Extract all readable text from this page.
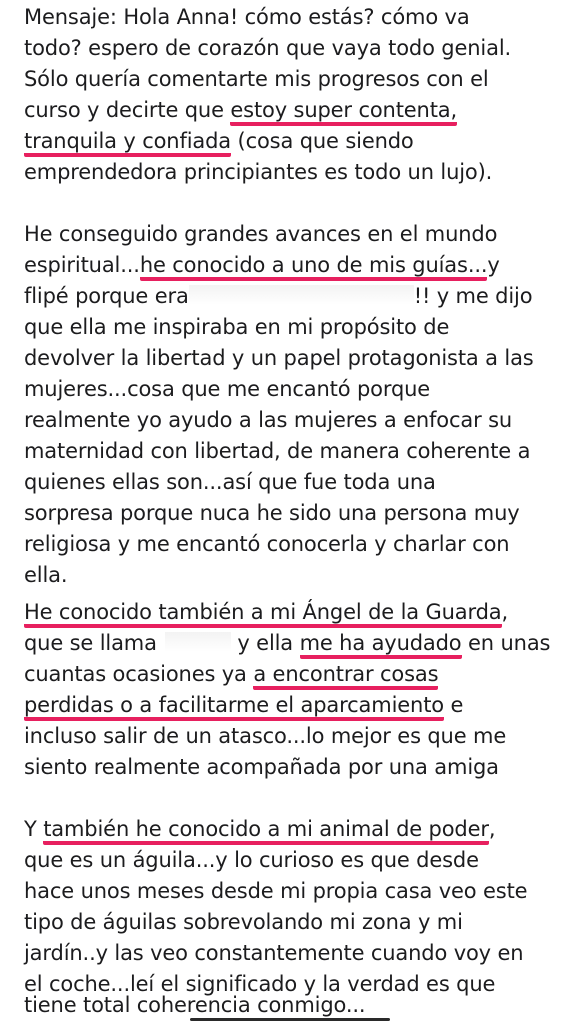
Mensaje: Hola Anna! cómo estás? cómo va
todo? espero de corazón que vaya todo genial.
Sólo quería comentarte mis progresos con el
curso y decirte que estoy super contenta,
tranquila y confiada (cosa que siendo
emprendedora principiantes es todo un lujo).
He conseguido grandes avances en el mundo
espiritual...he conocido a uno de mis guías...y
flipé porque era	!! y me dijo
que ella me inspiraba en mi propósito de
devolver la libertad y un papel protagonista a las
mujeres...cosa que me encantó porque
realmente yo ayudo a las mujeres a enfocar su
maternidad con libertad, de manera coherente a
quienes ellas son...así que fue toda una
sorpresa porque nuca he sido una persona muy
religiosa y me encantó conocerla y charlar con
ella.
He conocido también a mi Ángel de la Guarda,
que se llama	y ella me ha ayudado en unas
cuantas ocasiones ya a encontrar cosas
perdidas o a facilitarme el aparcamiento e
incluso salir de un atasco...lo mejor es que me
siento realmente acompañada por una amiga
Y también he conocido a mi animal de poder,
que es un águila...y lo curioso es que desde
hace unos meses desde mi propia casa veo este
tipo de águilas sobrevolando mi zona y mi
jardín..y las veo constantemente cuando voy en
el coche...leí el significado y la verdad es que
tiene total coherencia conmigo...
